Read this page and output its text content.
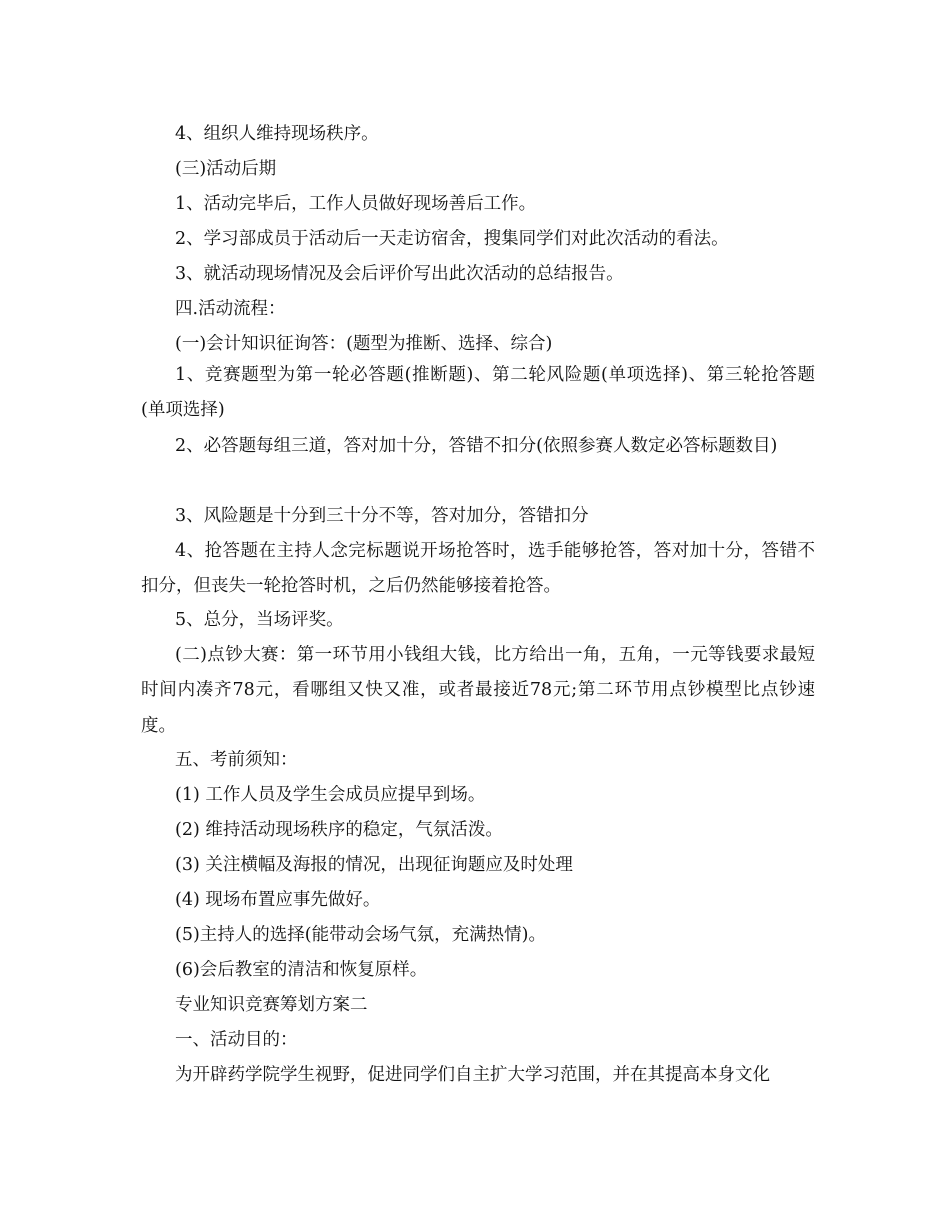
4、组织人维持现场秩序。

(三)活动后期

1、活动完毕后，工作人员做好现场善后工作。

2、学习部成员于活动后一天走访宿舍，搜集同学们对此次活动的看法。

3、就活动现场情况及会后评价写出此次活动的总结报告。

四.活动流程：

(一)会计知识征询答：(题型为推断、选择、综合)

1、竞赛题型为第一轮必答题(推断题)、第二轮风险题(单项选择)、第三轮抢答题(单项选择)

2、必答题每组三道，答对加十分，答错不扣分(依照参赛人数定必答标题数目)

3、风险题是十分到三十分不等，答对加分，答错扣分

4、抢答题在主持人念完标题说开场抢答时，选手能够抢答，答对加十分，答错不扣分，但丧失一轮抢答时机，之后仍然能够接着抢答。

5、总分，当场评奖。

(二)点钞大赛：第一环节用小钱组大钱，比方给出一角，五角，一元等钱要求最短时间内凑齐78元，看哪组又快又准，或者最接近78元;第二环节用点钞模型比点钞速度。

五、考前须知：

(1) 工作人员及学生会成员应提早到场。

(2) 维持活动现场秩序的稳定，气氛活泼。

(3) 关注横幅及海报的情况，出现征询题应及时处理

(4) 现场布置应事先做好。

(5)主持人的选择(能带动会场气氛，充满热情)。

(6)会后教室的清洁和恢复原样。

专业知识竞赛筹划方案二

一、活动目的：

为开辟药学院学生视野，促进同学们自主扩大学习范围，并在其提高本身文化
